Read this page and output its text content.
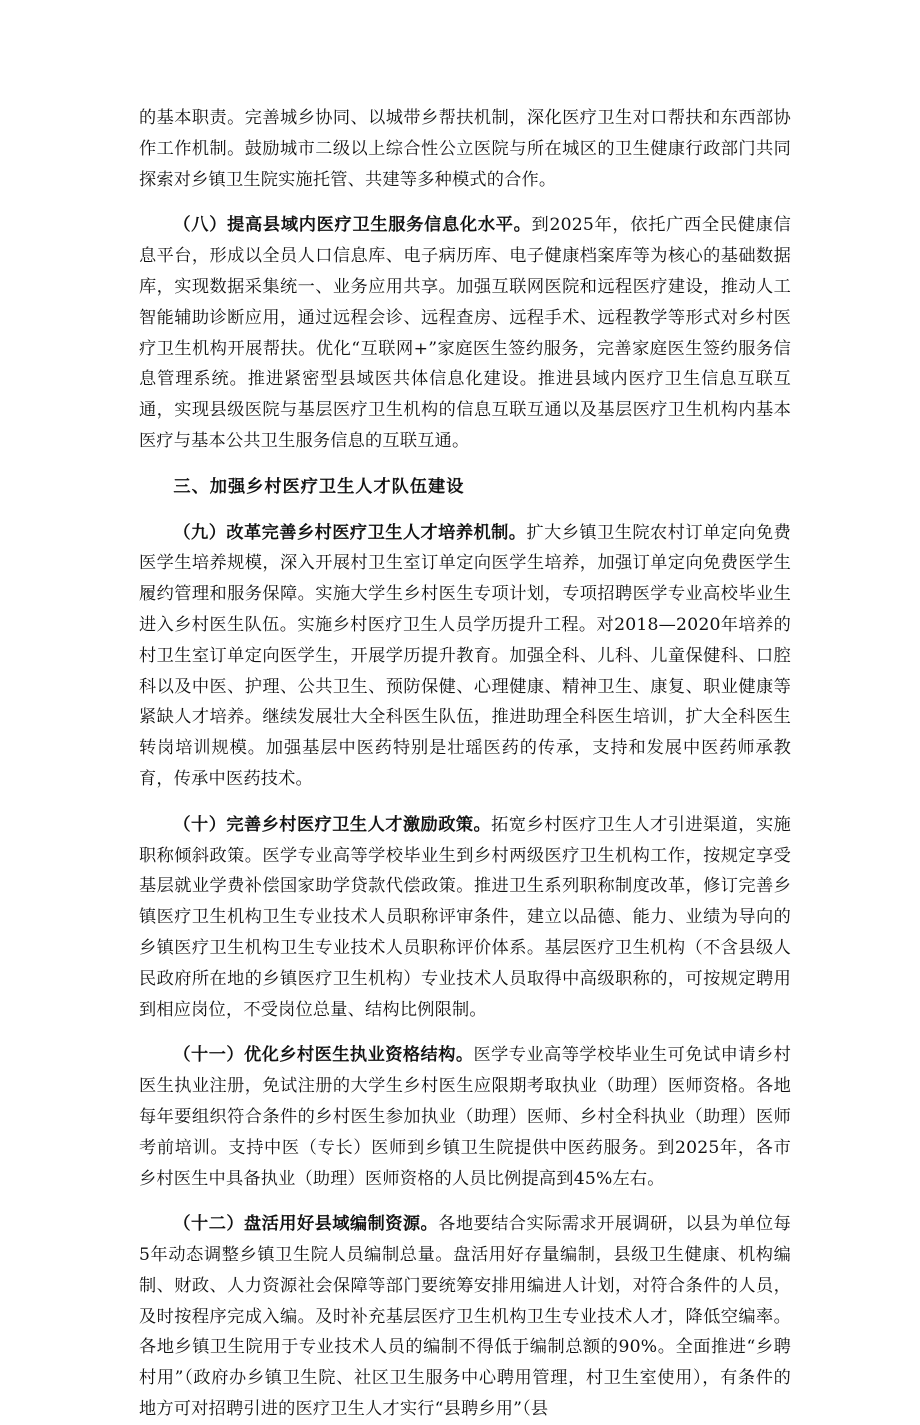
的基本职责。完善城乡协同、以城带乡帮扶机制，深化医疗卫生对口帮扶和东西部协作工作机制。鼓励城市二级以上综合性公立医院与所在城区的卫生健康行政部门共同探索对乡镇卫生院实施托管、共建等多种模式的合作。

（八）提高县域内医疗卫生服务信息化水平。到2025年，依托广西全民健康信息平台，形成以全员人口信息库、电子病历库、电子健康档案库等为核心的基础数据库，实现数据采集统一、业务应用共享。加强互联网医院和远程医疗建设，推动人工智能辅助诊断应用，通过远程会诊、远程查房、远程手术、远程教学等形式对乡村医疗卫生机构开展帮扶。优化“互联网+”家庭医生签约服务，完善家庭医生签约服务信息管理系统。推进紧密型县域医共体信息化建设。推进县域内医疗卫生信息互联互通，实现县级医院与基层医疗卫生机构的信息互联互通以及基层医疗卫生机构内基本医疗与基本公共卫生服务信息的互联互通。

三、加强乡村医疗卫生人才队伍建设

（九）改革完善乡村医疗卫生人才培养机制。扩大乡镇卫生院农村订单定向免费医学生培养规模，深入开展村卫生室订单定向医学生培养，加强订单定向免费医学生履约管理和服务保障。实施大学生乡村医生专项计划，专项招聘医学专业高校毕业生进入乡村医生队伍。实施乡村医疗卫生人员学历提升工程。对2018—2020年培养的村卫生室订单定向医学生，开展学历提升教育。加强全科、儿科、儿童保健科、口腔科以及中医、护理、公共卫生、预防保健、心理健康、精神卫生、康复、职业健康等紧缺人才培养。继续发展壮大全科医生队伍，推进助理全科医生培训，扩大全科医生转岗培训规模。加强基层中医药特别是壮瑶医药的传承，支持和发展中医药师承教育，传承中医药技术。

（十）完善乡村医疗卫生人才激励政策。拓宽乡村医疗卫生人才引进渠道，实施职称倾斜政策。医学专业高等学校毕业生到乡村两级医疗卫生机构工作，按规定享受基层就业学费补偿国家助学贷款代偿政策。推进卫生系列职称制度改革，修订完善乡镇医疗卫生机构卫生专业技术人员职称评审条件，建立以品德、能力、业绩为导向的乡镇医疗卫生机构卫生专业技术人员职称评价体系。基层医疗卫生机构（不含县级人民政府所在地的乡镇医疗卫生机构）专业技术人员取得中高级职称的，可按规定聘用到相应岗位，不受岗位总量、结构比例限制。

（十一）优化乡村医生执业资格结构。医学专业高等学校毕业生可免试申请乡村医生执业注册，免试注册的大学生乡村医生应限期考取执业（助理）医师资格。各地每年要组织符合条件的乡村医生参加执业（助理）医师、乡村全科执业（助理）医师考前培训。支持中医（专长）医师到乡镇卫生院提供中医药服务。到2025年，各市乡村医生中具备执业（助理）医师资格的人员比例提高到45%左右。

（十二）盘活用好县域编制资源。各地要结合实际需求开展调研，以县为单位每5年动态调整乡镇卫生院人员编制总量。盘活用好存量编制，县级卫生健康、机构编制、财政、人力资源社会保障等部门要统筹安排用编进人计划，对符合条件的人员，及时按程序完成入编。及时补充基层医疗卫生机构卫生专业技术人才，降低空编率。各地乡镇卫生院用于专业技术人员的编制不得低于编制总额的90%。全面推进“乡聘村用”（政府办乡镇卫生院、社区卫生服务中心聘用管理，村卫生室使用），有条件的地方可对招聘引进的医疗卫生人才实行“县聘乡用”（县
